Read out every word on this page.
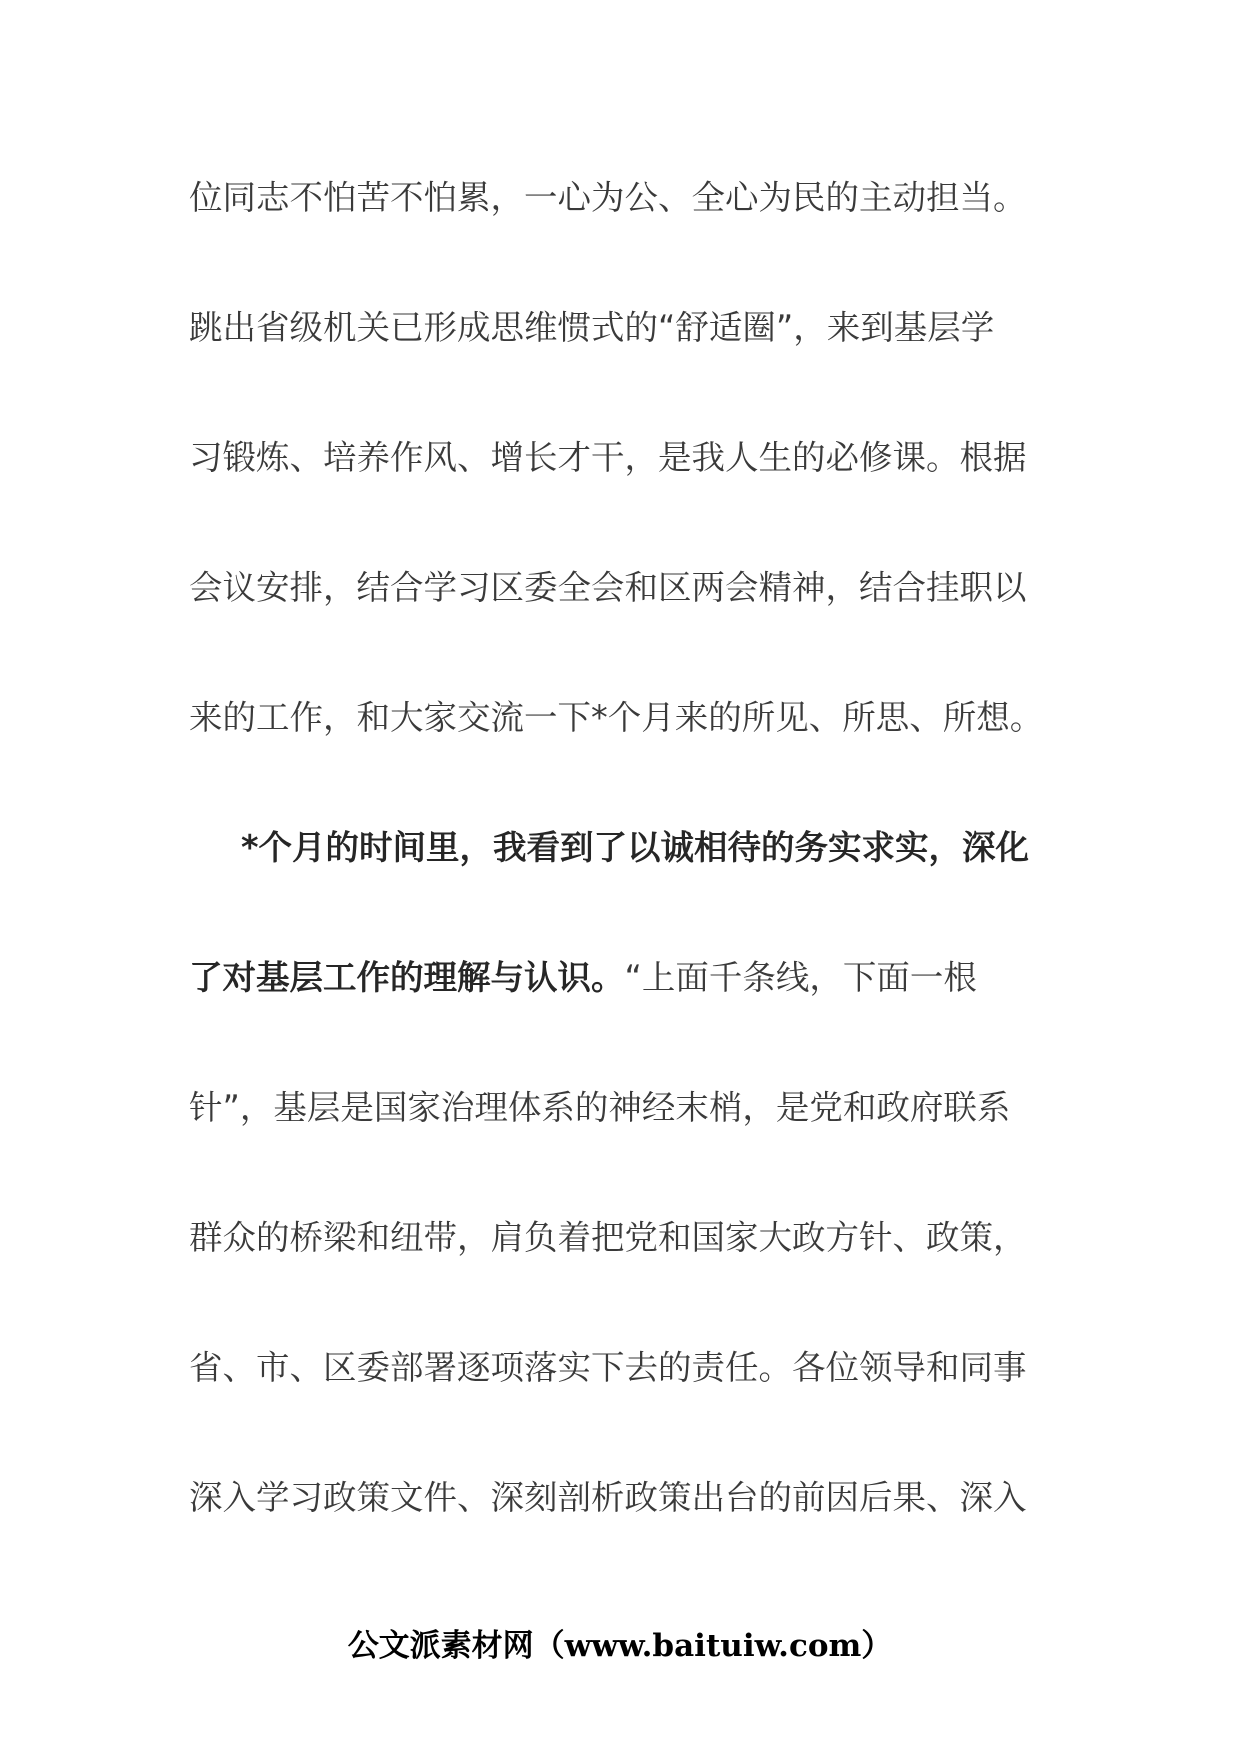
位同志不怕苦不怕累，一心为公、全心为民的主动担当。
跳出省级机关已形成思维惯式的“舒适圈”，来到基层学
习锻炼、培养作风、增长才干，是我人生的必修课。根据
会议安排，结合学习区委全会和区两会精神，结合挂职以
来的工作，和大家交流一下*个月来的所见、所思、所想。
*个月的时间里，我看到了以诚相待的务实求实，深化
了对基层工作的理解与认识。“上面千条线，下面一根
针”，基层是国家治理体系的神经末梢，是党和政府联系
群众的桥梁和纽带，肩负着把党和国家大政方针、政策，
省、市、区委部署逐项落实下去的责任。各位领导和同事
深入学习政策文件、深刻剖析政策出台的前因后果、深入
公文派素材网（www.baituiw.com）
